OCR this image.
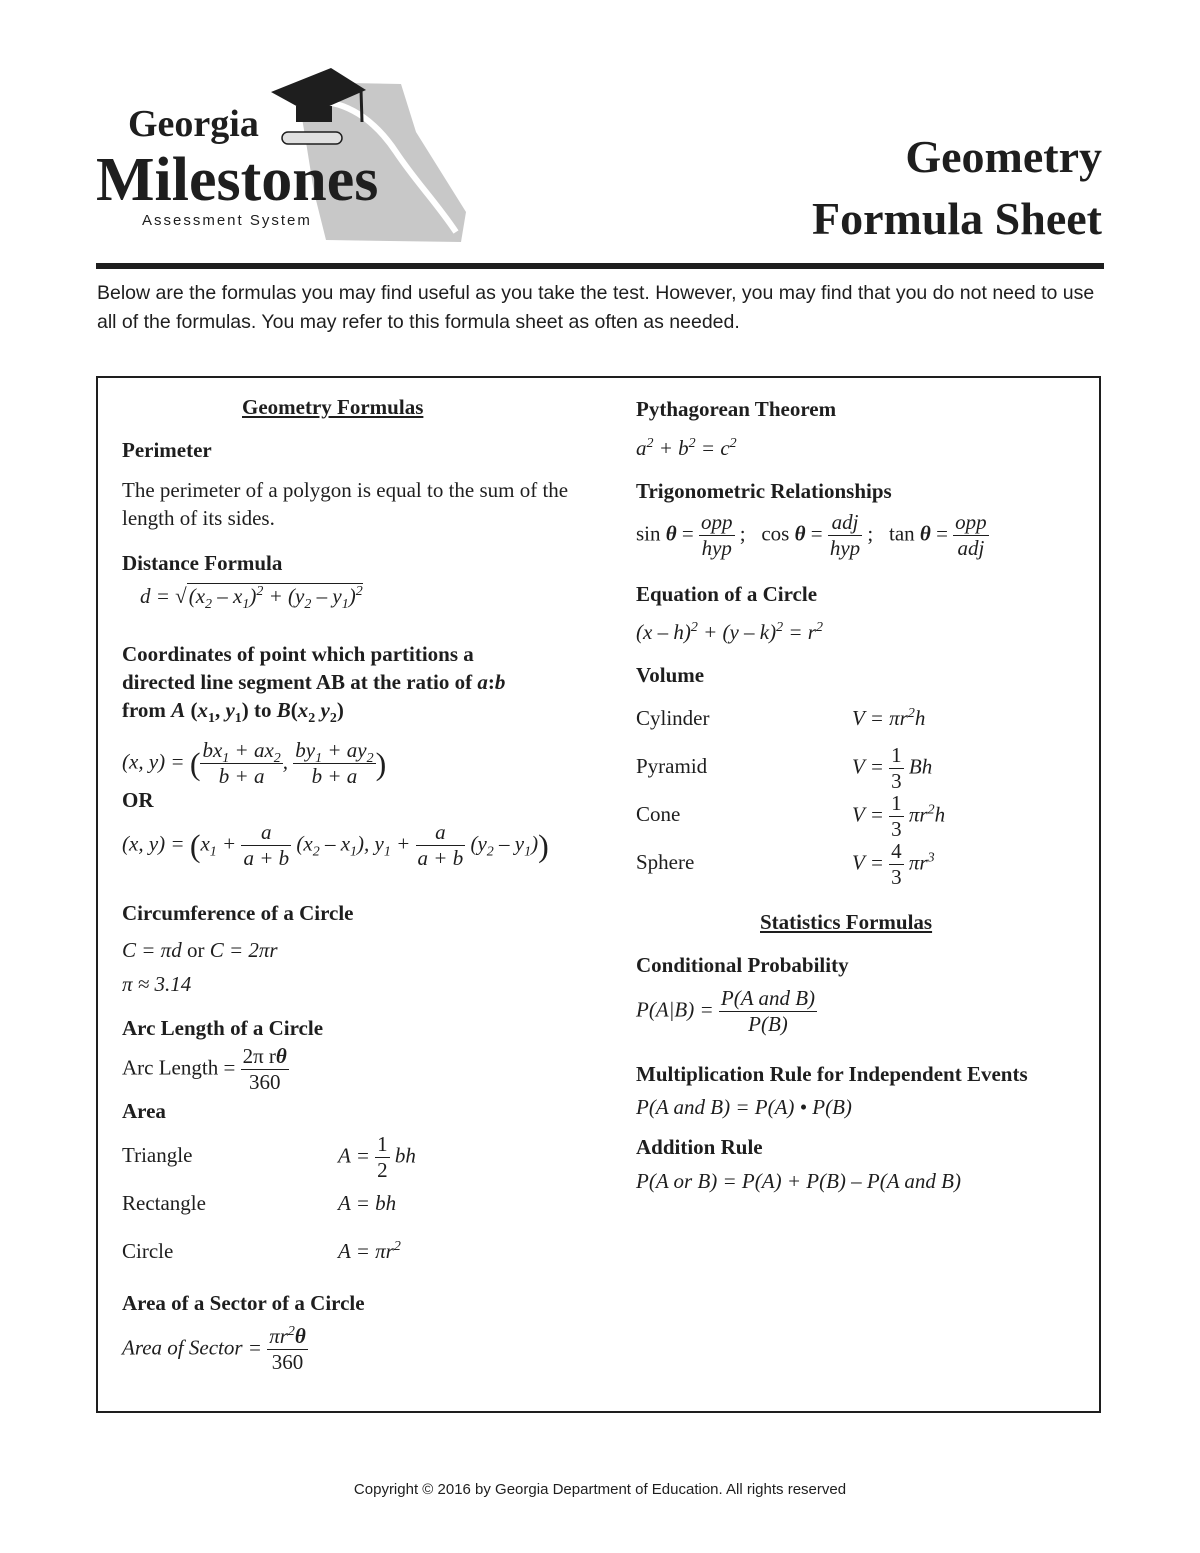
Georgia
Milestones
Assessment System
Geometry
Formula Sheet
Below are the formulas you may find useful as you take the test. However, you may find that you do not need to use all of the formulas. You may refer to this formula sheet as often as needed.
Geometry Formulas
Perimeter
The perimeter of a polygon is equal to the sum of the length of its sides.
Distance Formula
$d = √(x_2 - x_1)^2 + (y_2 - y_1)^2$
Coordinates of point which partitions a
directed line segment AB at the ratio of a:b
from A ($x_1$, $y_1$) to $B(x_2$ $y_2$)
(x, y) = ( $\frac{bx_1 + ax_2}{b + a}$ , $\frac{by_1 + ay_2}{b + a}$ )
OR
(x, $y) = (x_1 + \frac{a}{a + b} (x_2 - x_1)$, $y_1 + \frac{a}{a + b} (y_2 - y_1)$)
Circumference of a Circle
C = πd or C = 2πr
π ≈ 3.14
Arc Length of a Circle
Arc Length = $\frac{\text{2π rθ}}{360}$
Area
Triangle	$A = \frac{1}{2}$ bh
Rectangle	A = bh
Circle	$A = \pi r^2$
Area of a Sector of a Circle
Area of Sector = $\frac{\pi r^2\theta}{360}$
Pythagorean Theorem
$a^2 + b^2 = c^2$
Trigonometric Relationships
$\sin \theta = \frac{\text{opp}}{\text{hyp}}$ ;   $\cos \theta = \frac{\text{adj}}{\text{hyp}}$ ;   $\tan \theta = \frac{\text{opp}}{\text{adj}}$
Equation of a Circle
$(x - h)^2 + (y - k)^2 = r^2$
Volume
Cylinder	$V = \pi r^2h$
Pyramid	$V = \frac{1}{3}$ Bh
Cone	$V = \frac{1}{3} \pi r^2h$
Sphere	$V = \frac{4}{3} \pi r^3$
Statistics Formulas
Conditional Probability
$P(A|B) = \frac{\text{P(A and B)}}{P(B)}$
Multiplication Rule for Independent Events
P(A and B) = P(A) • P(B)
Addition Rule
P(A or B) = P(A) + P(B) – P(A and B)
Copyright © 2016 by Georgia Department of Education. All rights reserved
